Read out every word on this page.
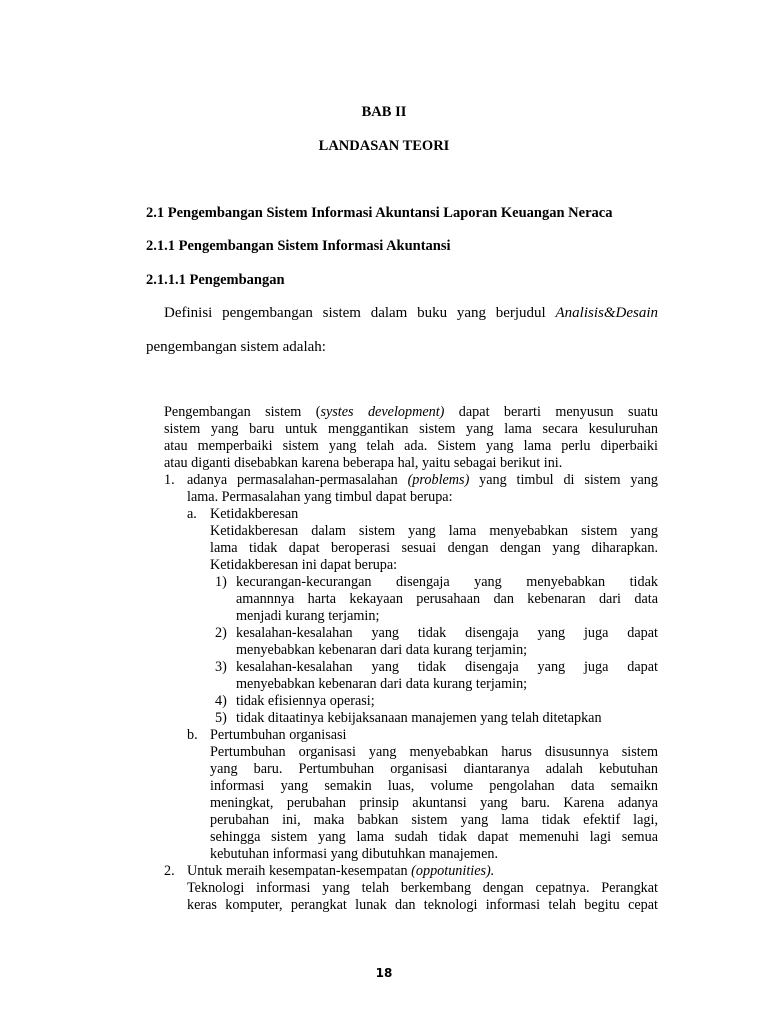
BAB II
LANDASAN TEORI
2.1 Pengembangan Sistem Informasi Akuntansi Laporan Keuangan Neraca
2.1.1 Pengembangan Sistem Informasi Akuntansi
2.1.1.1 Pengembangan
Definisi pengembangan sistem dalam buku yang berjudul Analisis&Desain
pengembangan sistem adalah:
Pengembangan sistem (systes development) dapat berarti menyusun suatu
sistem yang baru untuk menggantikan sistem yang lama secara kesuluruhan
atau memperbaiki sistem yang telah ada. Sistem yang lama perlu diperbaiki
atau diganti disebabkan karena beberapa hal, yaitu sebagai berikut ini.
1. adanya permasalahan-permasalahan (problems) yang timbul di sistem yang
lama. Permasalahan yang timbul dapat berupa:
a. Ketidakberesan
Ketidakberesan dalam sistem yang lama menyebabkan sistem yang
lama tidak dapat beroperasi sesuai dengan dengan yang diharapkan.
Ketidakberesan ini dapat berupa:
1) kecurangan-kecurangan disengaja yang menyebabkan tidak
amannnya harta kekayaan perusahaan dan kebenaran dari data
menjadi kurang terjamin;
2) kesalahan-kesalahan yang tidak disengaja yang juga dapat
menyebabkan kebenaran dari data kurang terjamin;
3) kesalahan-kesalahan yang tidak disengaja yang juga dapat
menyebabkan kebenaran dari data kurang terjamin;
4) tidak efisiennya operasi;
5) tidak ditaatinya kebijaksanaan manajemen yang telah ditetapkan
b. Pertumbuhan organisasi
Pertumbuhan organisasi yang menyebabkan harus disusunnya sistem
yang baru. Pertumbuhan organisasi diantaranya adalah kebutuhan
informasi yang semakin luas, volume pengolahan data semaikn
meningkat, perubahan prinsip akuntansi yang baru. Karena adanya
perubahan ini, maka babkan sistem yang lama tidak efektif lagi,
sehingga sistem yang lama sudah tidak dapat memenuhi lagi semua
kebutuhan informasi yang dibutuhkan manajemen.
2. Untuk meraih kesempatan-kesempatan (oppotunities).
Teknologi informasi yang telah berkembang dengan cepatnya. Perangkat
keras komputer, perangkat lunak dan teknologi informasi telah begitu cepat
18
